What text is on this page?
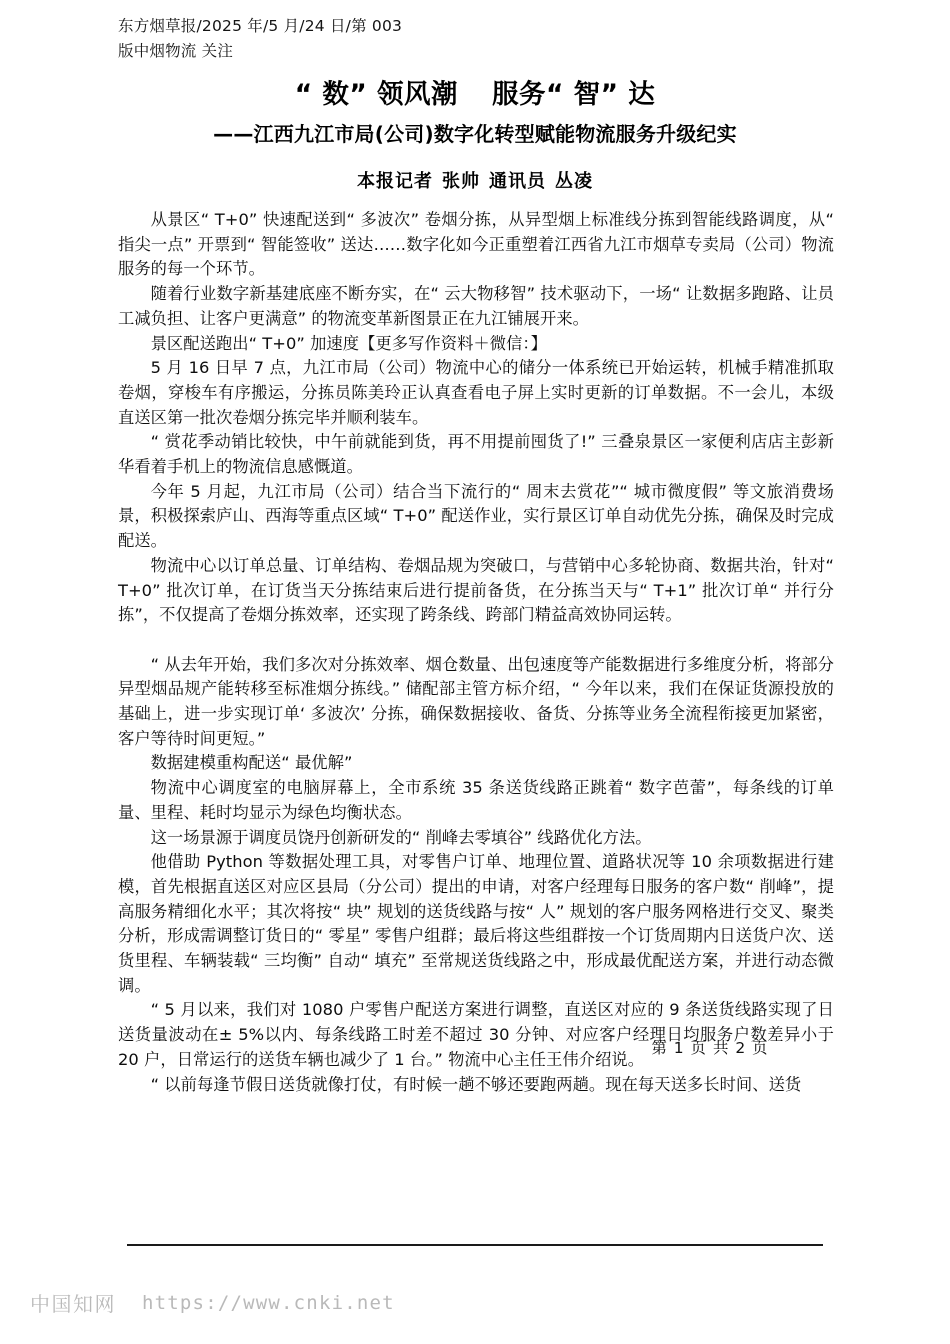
东方烟草报/2025 年/5 月/24 日/第 003
版中烟物流 关注
“ 数” 领风潮 服务“ 智” 达
——江西九江市局(公司)数字化转型赋能物流服务升级纪实
本报记者 张帅 通讯员 丛凌

从景区“ T+0” 快速配送到“ 多波次” 卷烟分拣，从异型烟上标准线分拣到智能线路调度，从“ 指尖一点” 开票到“ 智能签收” 送达……数字化如今正重塑着江西省九江市烟草专卖局（公司）物流服务的每一个环节。

随着行业数字新基建底座不断夯实，在“ 云大物移智” 技术驱动下，一场“ 让数据多跑路、让员工减负担、让客户更满意” 的物流变革新图景正在九江铺展开来。

景区配送跑出“ T+0” 加速度【更多写作资料＋微信：】

5 月 16 日早 7 点，九江市局（公司）物流中心的储分一体系统已开始运转，机械手精准抓取卷烟，穿梭车有序搬运，分拣员陈美玲正认真查看电子屏上实时更新的订单数据。不一会儿，本级直送区第一批次卷烟分拣完毕并顺利装车。

“ 赏花季动销比较快，中午前就能到货，再不用提前囤货了!” 三叠泉景区一家便利店店主彭新华看着手机上的物流信息感慨道。

今年 5 月起，九江市局（公司）结合当下流行的“ 周末去赏花”“ 城市微度假” 等文旅消费场景，积极探索庐山、西海等重点区域“ T+0” 配送作业，实行景区订单自动优先分拣，确保及时完成配送。

物流中心以订单总量、订单结构、卷烟品规为突破口，与营销中心多轮协商、数据共治，针对“ T+0” 批次订单，在订货当天分拣结束后进行提前备货，在分拣当天与“ T+1” 批次订单“ 并行分拣”，不仅提高了卷烟分拣效率，还实现了跨条线、跨部门精益高效协同运转。

“ 从去年开始，我们多次对分拣效率、烟仓数量、出包速度等产能数据进行多维度分析，将部分异型烟品规产能转移至标准烟分拣线。” 储配部主管方标介绍，“ 今年以来，我们在保证货源投放的基础上，进一步实现订单‘ 多波次’ 分拣，确保数据接收、备货、分拣等业务全流程衔接更加紧密，客户等待时间更短。”

数据建模重构配送“ 最优解”

物流中心调度室的电脑屏幕上，全市系统 35 条送货线路正跳着“ 数字芭蕾”，每条线的订单量、里程、耗时均显示为绿色均衡状态。

这一场景源于调度员饶丹创新研发的“ 削峰去零填谷” 线路优化方法。

他借助 Python 等数据处理工具，对零售户订单、地理位置、道路状况等 10 余项数据进行建模，首先根据直送区对应区县局（分公司）提出的申请，对客户经理每日服务的客户数“ 削峰”，提高服务精细化水平；其次将按“ 块” 规划的送货线路与按“ 人” 规划的客户服务网格进行交叉、聚类分析，形成需调整订货日的“ 零星” 零售户组群；最后将这些组群按一个订货周期内日送货户次、送货里程、车辆装载“ 三均衡” 自动“ 填充” 至常规送货线路之中，形成最优配送方案，并进行动态微调。

“ 5 月以来，我们对 1080 户零售户配送方案进行调整，直送区对应的 9 条送货线路实现了日送货量波动在± 5%以内、每条线路工时差不超过 30 分钟、对应客户经理日均服务户数差异小于 20 户，日常运行的送货车辆也减少了 1 台。” 物流中心主任王伟介绍说。

“ 以前每逢节假日送货就像打仗，有时候一趟不够还要跑两趟。现在每天送多长时间、送货

第 1 页 共 2 页
中国知网 https://www.cnki.net
